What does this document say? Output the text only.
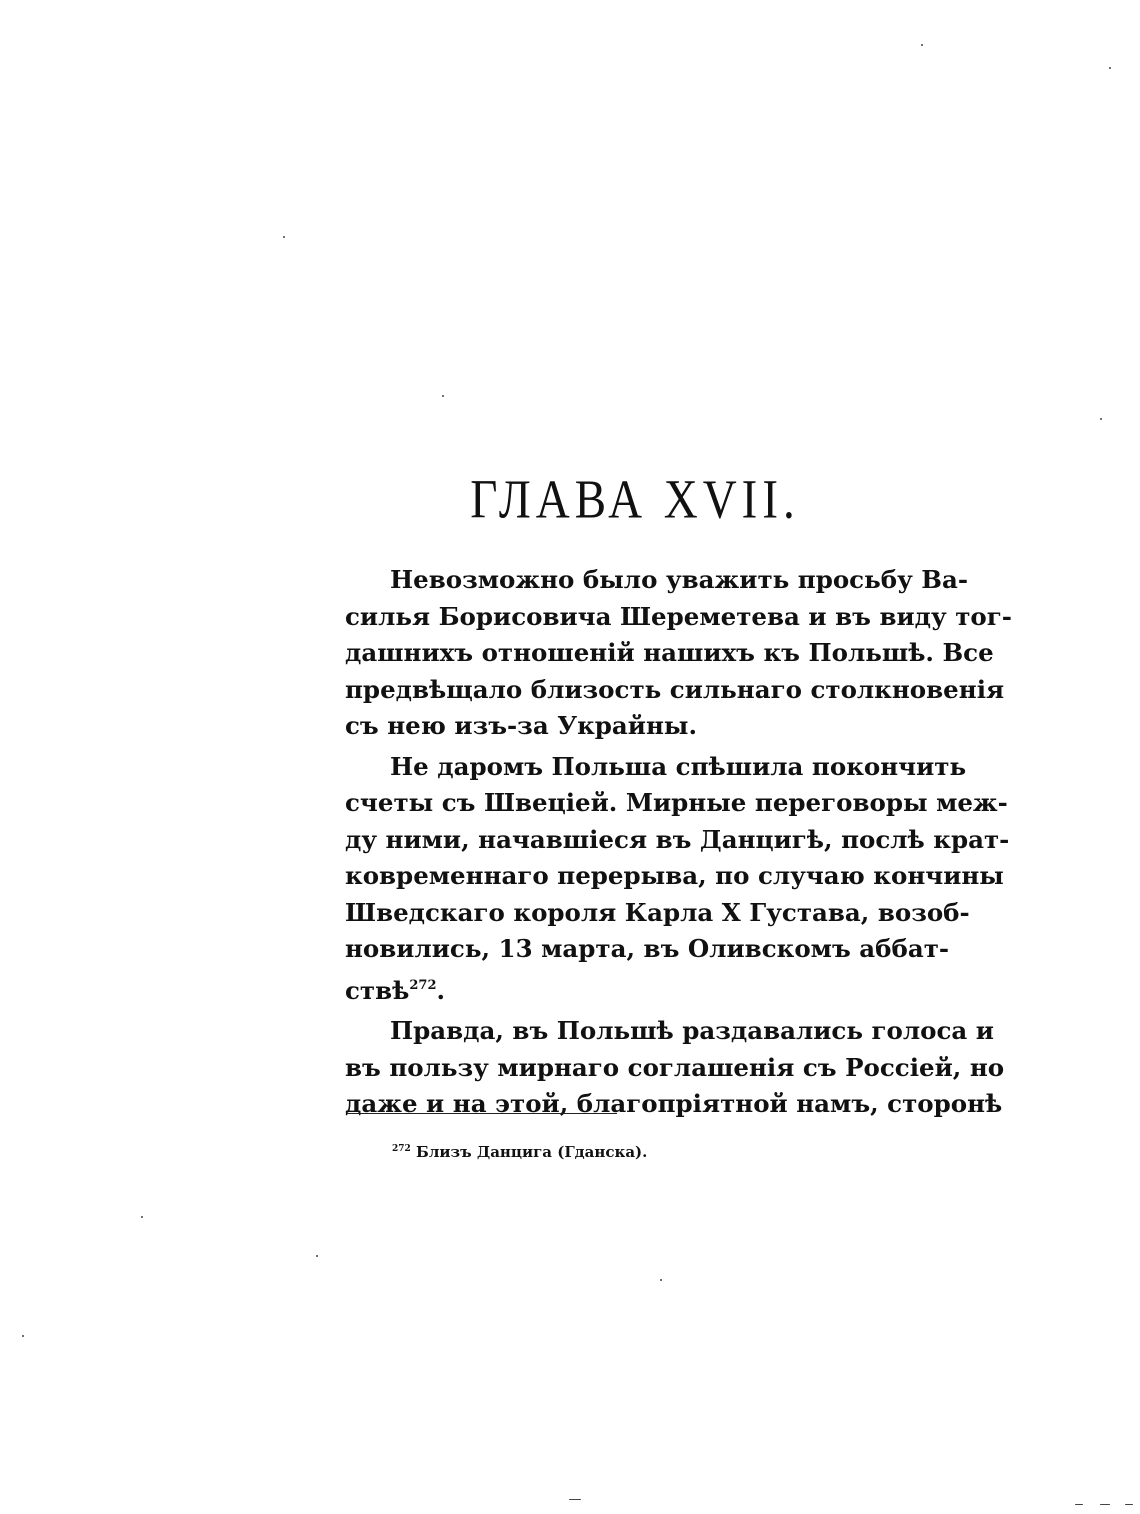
ГЛАВА XVII.
Невозможно было уважить просьбу Ва-
силья Борисовича Шереметева и въ виду тог-
дашнихъ отношеній нашихъ къ Польшѣ. Все
предвѣщало близость сильнаго столкновенія
съ нею изъ-за Украйны.
Не даромъ Польша спѣшила покончить
счеты съ Швеціей. Мирные переговоры меж-
ду ними, начавшіеся въ Данцигѣ, послѣ крат-
ковременнаго перерыва, по случаю кончины
Шведскаго короля Карла X Густава, возоб-
новились, 13 марта, въ Оливскомъ аббат-
ствѣ$^{272}$.
Правда, въ Польшѣ раздавались голоса и
въ пользу мирнаго соглашенія съ Россіей, но
даже и на этой, благопріятной намъ, сторонѣ
$^{272}$ Близъ Данцига (Гданска).
